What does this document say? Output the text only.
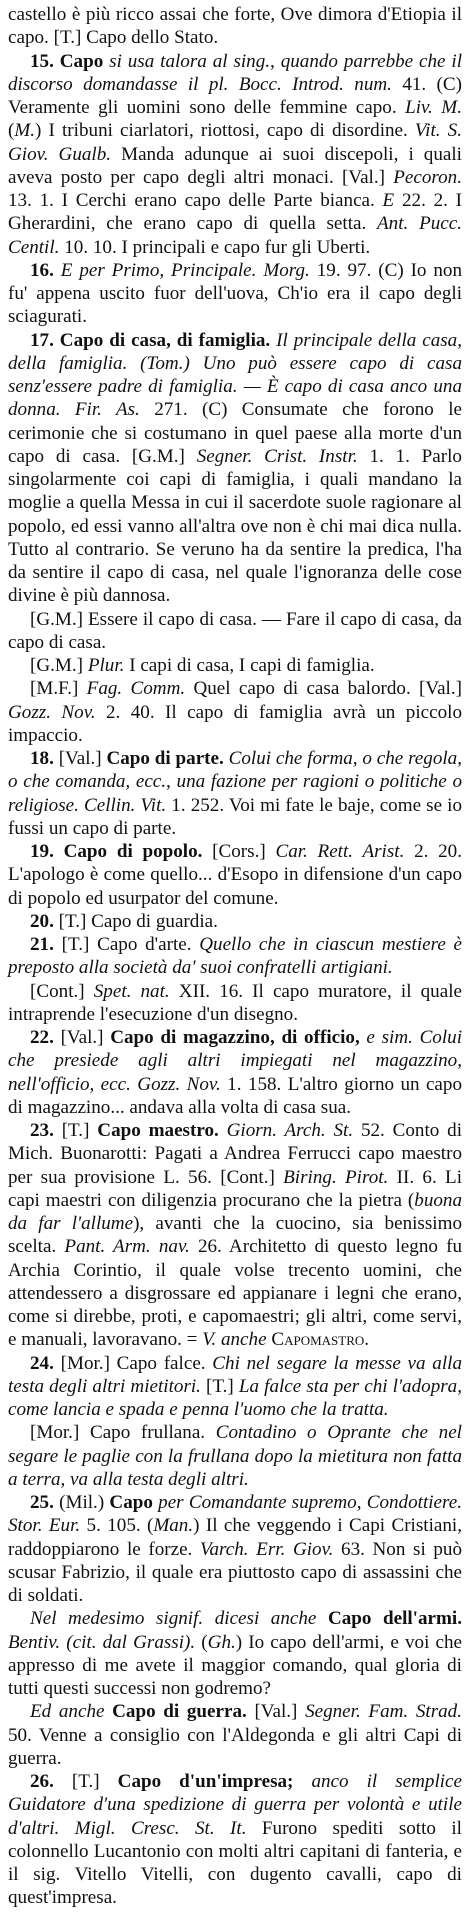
castello è più ricco assai che forte, Ove dimora d'Etiopia il capo. [T.] Capo dello Stato.

15. Capo si usa talora al sing., quando parrebbe che il discorso domandasse il pl. Bocc. Introd. num. 41. (C) Veramente gli uomini sono delle femmine capo. Liv. M. (M.) I tribuni ciarlatori, riottosi, capo di disordine. Vit. S. Giov. Gualb. Manda adunque ai suoi discepoli, i quali aveva posto per capo degli altri monaci. [Val.] Pecoron. 13. 1. I Cerchi erano capo delle Parte bianca. E 22. 2. I Gherardini, che erano capo di quella setta. Ant. Pucc. Centil. 10. 10. I principali e capo fur gli Uberti.

16. E per Primo, Principale. Morg. 19. 97. (C) Io non fu' appena uscito fuor dell'uova, Ch'io era il capo degli sciagurati.

17. Capo di casa, di famiglia. Il principale della casa, della famiglia. (Tom.) Uno può essere capo di casa senz'essere padre di famiglia. — È capo di casa anco una donna. Fir. As. 271. (C) Consumate che forono le cerimonie che si costumano in quel paese alla morte d'un capo di casa. [G.M.] Segner. Crist. Instr. 1. 1. Parlo singolarmente coi capi di famiglia, i quali mandano la moglie a quella Messa in cui il sacerdote suole ragionare al popolo, ed essi vanno all'altra ove non è chi mai dica nulla. Tutto al contrario. Se veruno ha da sentire la predica, l'ha da sentire il capo di casa, nel quale l'ignoranza delle cose divine è più dannosa.

[G.M.] Essere il capo di casa. — Fare il capo di casa, da capo di casa.

[G.M.] Plur. I capi di casa, I capi di famiglia.

[M.F.] Fag. Comm. Quel capo di casa balordo. [Val.] Gozz. Nov. 2. 40. Il capo di famiglia avrà un piccolo impaccio.

18. [Val.] Capo di parte. Colui che forma, o che regola, o che comanda, ecc., una fazione per ragioni o politiche o religiose. Cellin. Vit. 1. 252. Voi mi fate le baje, come se io fussi un capo di parte.

19. Capo di popolo. [Cors.] Car. Rett. Arist. 2. 20. L'apologo è come quello... d'Esopo in difensione d'un capo di popolo ed usurpator del comune.

20. [T.] Capo di guardia.

21. [T.] Capo d'arte. Quello che in ciascun mestiere è preposto alla società da' suoi confratelli artigiani.

[Cont.] Spet. nat. XII. 16. Il capo muratore, il quale intraprende l'esecuzione d'un disegno.

22. [Val.] Capo di magazzino, di officio, e sim. Colui che presiede agli altri impiegati nel magazzino, nell'officio, ecc. Gozz. Nov. 1. 158. L'altro giorno un capo di magazzino... andava alla volta di casa sua.

23. [T.] Capo maestro. Giorn. Arch. St. 52. Conto di Mich. Buonarotti: Pagati a Andrea Ferrucci capo maestro per sua provisione L. 56. [Cont.] Biring. Pirot. II. 6. Li capi maestri con diligenzia procurano che la pietra (buona da far l'allume), avanti che la cuocino, sia benissimo scelta. Pant. Arm. nav. 26. Architetto di questo legno fu Archia Corintio, il quale volse trecento uomini, che attendessero a disgrossare ed appianare i legni che erano, come si direbbe, proti, e capomaestri; gli altri, come servi, e manuali, lavoravano. = V. anche Capomastro.

24. [Mor.] Capo falce. Chi nel segare la messe va alla testa degli altri mietitori. [T.] La falce sta per chi l'adopra, come lancia e spada e penna l'uomo che la tratta.

[Mor.] Capo frullana. Contadino o Oprante che nel segare le paglie con la frullana dopo la mietitura non fatta a terra, va alla testa degli altri.

25. (Mil.) Capo per Comandante supremo, Condottiere. Stor. Eur. 5. 105. (Man.) Il che veggendo i Capi Cristiani, raddoppiarono le forze. Varch. Err. Giov. 63. Non si può scusar Fabrizio, il quale era piuttosto capo di assassini che di soldati.

Nel medesimo signif. dicesi anche Capo dell'armi. Bentiv. (cit. dal Grassi). (Gh.) Io capo dell'armi, e voi che appresso di me avete il maggior comando, qual gloria di tutti questi successi non godremo?

Ed anche Capo di guerra. [Val.] Segner. Fam. Strad. 50. Venne a consiglio con l'Aldegonda e gli altri Capi di guerra.

26. [T.] Capo d'un'impresa; anco il semplice Guidatore d'una spedizione di guerra per volontà e utile d'altri. Migl. Cresc. St. It. Furono spediti sotto il colonnello Lucantonio con molti altri capitani di fanteria, e il sig. Vitello Vitelli, con dugento cavalli, capo di quest'impresa.
